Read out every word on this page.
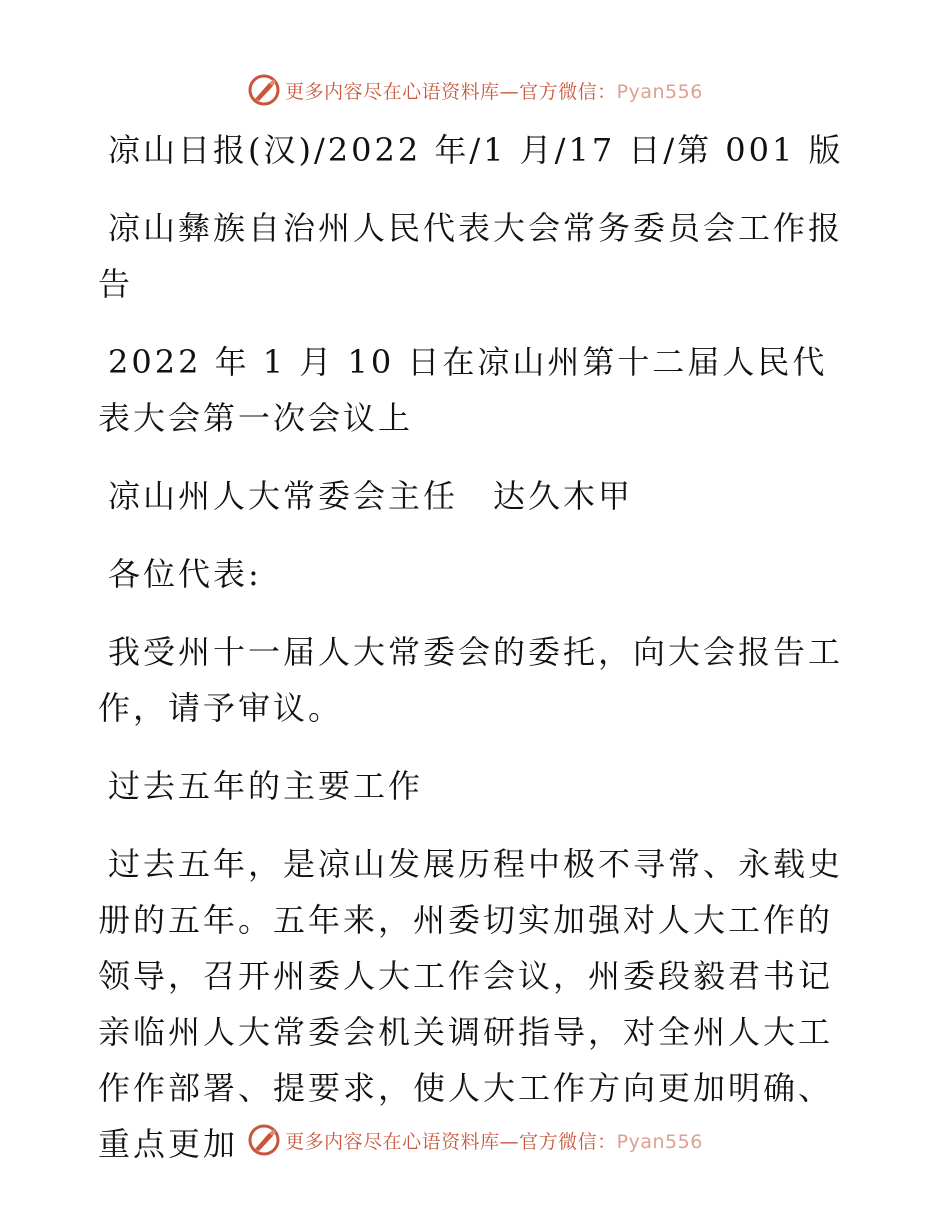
更多内容尽在心语资料库—官方微信：Pyan556

凉山日报(汉)/2022 年/1 月/17 日/第 001 版

凉山彝族自治州人民代表大会常务委员会工作报告

2022 年 1 月 10 日在凉山州第十二届人民代表大会第一次会议上

凉山州人大常委会主任　达久木甲

各位代表:

我受州十一届人大常委会的委托，向大会报告工作，请予审议。

过去五年的主要工作

过去五年，是凉山发展历程中极不寻常、永载史册的五年。五年来，州委切实加强对人大工作的领导，召开州委人大工作会议，州委段毅君书记亲临州人大常委会机关调研指导，对全州人大工作作部署、提要求，使人大工作方向更加明确、重点更加	更多内容尽在心语资料库—官方微信：Pyan556
